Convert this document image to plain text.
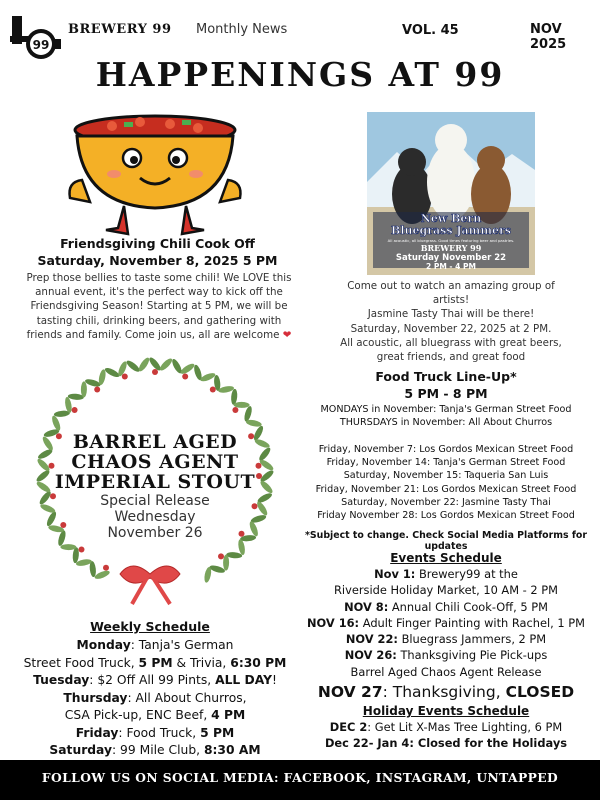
99
BREWERY 99 Monthly News	VOL. 45	NOV 2025
HAPPENINGS AT 99
Friendsgiving Chili Cook Off
Saturday, November 8, 2025 5 PM
Prep those bellies to taste some chili! We LOVE this annual event, it's the perfect way to kick off the Friendsgiving Season! Starting at 5 PM, we will be tasting chili, drinking beers, and gathering with friends and family. Come join us, all are welcome ❤
New Bern
Bluegrass Jammers
All acoustic, all bluegrass. Good times featuring beer and pastries.
BREWERY 99
Saturday November 22
2 PM - 4 PM

Come out to watch an amazing group of artists!

Jasmine Tasty Thai will be there!

Saturday, November 22, 2025 at 2 PM.

All acoustic, all bluegrass with great beers, great friends, and great food

BARREL AGED
CHAOS AGENT
IMPERIAL STOUT
Special Release
Wednesday
November 26
Weekly Schedule
Monday: Tanja's German
Street Food Truck, 5 PM & Trivia, 6:30 PM
Tuesday: $2 Off All 99 Pints, ALL DAY!
Thursday: All About Churros,
CSA Pick-up, ENC Beef, 4 PM
Friday: Food Truck, 5 PM
Saturday: 99 Mile Club, 8:30 AM
Food Truck Line-Up*
5 PM - 8 PM
MONDAYS in November: Tanja's German Street Food
THURSDAYS in November: All About Churros
Friday, November 7: Los Gordos Mexican Street Food
Friday, November 14: Tanja's German Street Food
Saturday, November 15: Taqueria San Luis
Friday, November 21: Los Gordos Mexican Street Food
Saturday, November 22: Jasmine Tasty Thai
Friday November 28: Los Gordos Mexican Street Food
*Subject to change. Check Social Media Platforms for updates
Events Schedule
Nov 1: Brewery99 at the
Riverside Holiday Market, 10 AM - 2 PM
NOV 8: Annual Chili Cook-Off, 5 PM
NOV 16: Adult Finger Painting with Rachel, 1 PM
NOV 22: Bluegrass Jammers, 2 PM
NOV 26: Thanksgiving Pie Pick-ups
Barrel Aged Chaos Agent Release
NOV 27: Thanksgiving, CLOSED
Holiday Events Schedule
DEC 2: Get Lit X-Mas Tree Lighting, 6 PM
Dec 22- Jan 4: Closed for the Holidays
FOLLOW US ON SOCIAL MEDIA: FACEBOOK, INSTAGRAM, UNTAPPED
